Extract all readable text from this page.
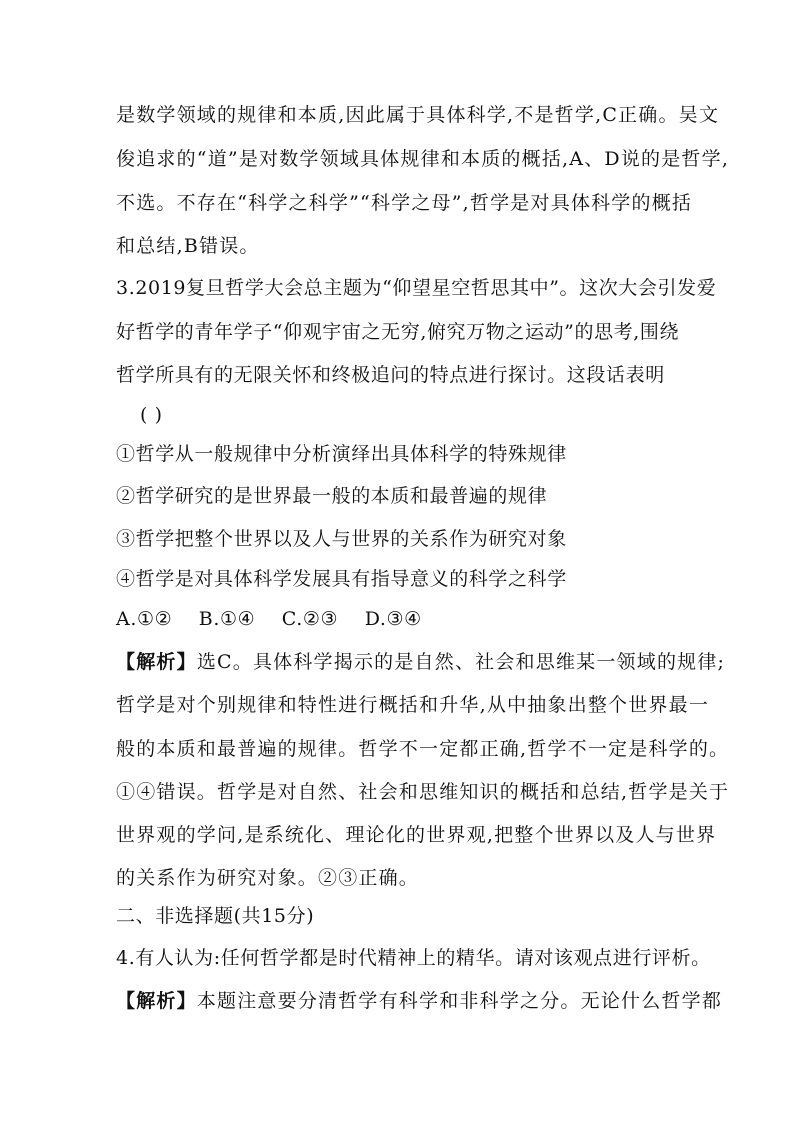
是数学领域的规律和本质,因此属于具体科学,不是哲学,C正确。吴文
俊追求的“道”是对数学领域具体规律和本质的概括,A、D说的是哲学,
不选。不存在“科学之科学”“科学之母”,哲学是对具体科学的概括
和总结,B错误。
3.2019复旦哲学大会总主题为“仰望星空哲思其中”。这次大会引发爱
好哲学的青年学子“仰观宇宙之无穷,俯究万物之运动”的思考,围绕
哲学所具有的无限关怀和终极追问的特点进行探讨。这段话表明
( )
①哲学从一般规律中分析演绎出具体科学的特殊规律
②哲学研究的是世界最一般的本质和最普遍的规律
③哲学把整个世界以及人与世界的关系作为研究对象
④哲学是对具体科学发展具有指导意义的科学之科学
A.①②    B.①④    C.②③    D.③④
【解析】选C。具体科学揭示的是自然、社会和思维某一领域的规律;
哲学是对个别规律和特性进行概括和升华,从中抽象出整个世界最一
般的本质和最普遍的规律。哲学不一定都正确,哲学不一定是科学的。
①④错误。哲学是对自然、社会和思维知识的概括和总结,哲学是关于
世界观的学问,是系统化、理论化的世界观,把整个世界以及人与世界
的关系作为研究对象。②③正确。
二、非选择题(共15分)
4.有人认为:任何哲学都是时代精神上的精华。请对该观点进行评析。
【解析】本题注意要分清哲学有科学和非科学之分。无论什么哲学都
